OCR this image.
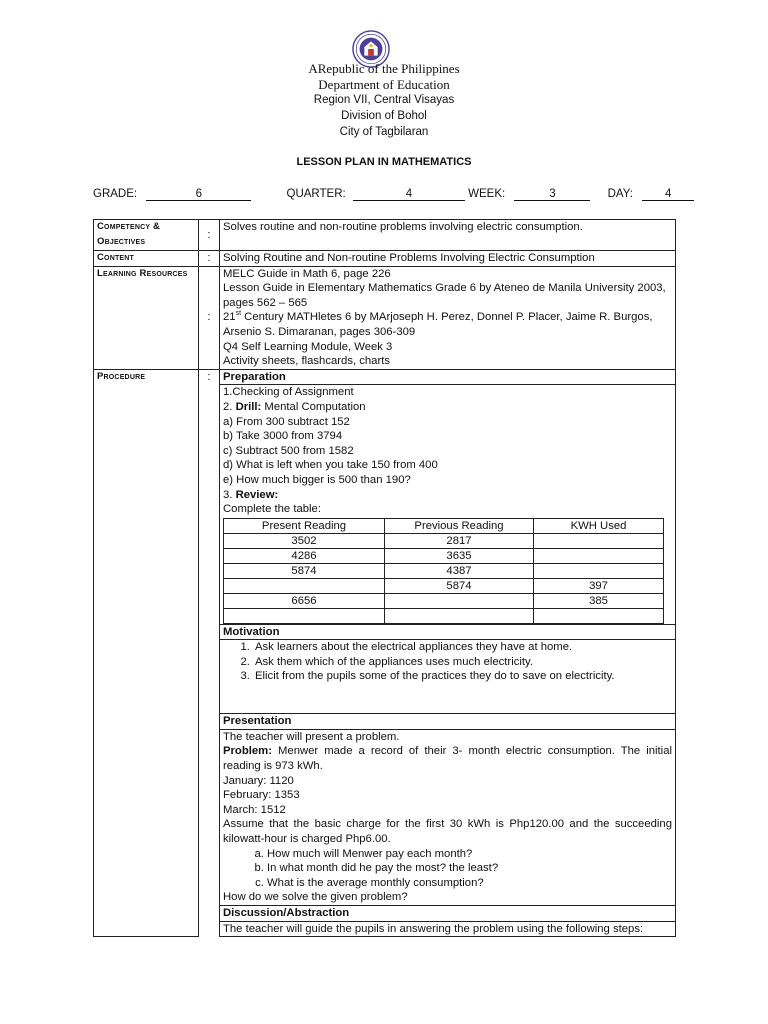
ARepublic of the Philippines
Department of Education
Region VII, Central Visayas
Division of Bohol
City of Tagbilaran
LESSON PLAN IN MATHEMATICS
GRADE:	6	QUARTER:	4	WEEK:	3	DAY:	4
Competency & Objectives	:	Solves routine and non-routine problems involving electric consumption.
Content	:	Solving Routine and Non-routine Problems Involving Electric Consumption
Learning Resources	:	
MELC Guide in Math 6, page 226
Lesson Guide in Elementary Mathematics Grade 6 by Ateneo de Manila University 2003, pages 562 – 565
21st Century MATHletes 6 by MArjoseph H. Perez, Donnel P. Placer, Jaime R. Burgos, Arsenio S. Dimaranan, pages 306-309
Q4 Self Learning Module, Week 3
Activity sheets, flashcards, charts

Procedure	:	Preparation

1.Checking of Assignment
2. Drill: Mental Computation
a) From 300 subtract 152
b) Take 3000 from 3794
c) Subtract 500 from 1582
d) What is left when you take 150 from 400
e) How much bigger is 500 than 190?
3. Review:
Complete the table:
Present Reading	Previous Reading	KWH Used
3502	2817	
4286	3635	
5874	4387	
	5874	397
6656		385

Motivation

1. Ask learners about the electrical appliances they have at home.
2. Ask them which of the appliances uses much electricity.
3. Elicit from the pupils some of the practices they do to save on electricity.

Presentation

The teacher will present a problem.
Problem: Menwer made a record of their 3- month electric consumption. The initial reading is 973 kWh.
January: 1120
February: 1353
March: 1512
Assume that the basic charge for the first 30 kWh is Php120.00 and the succeeding kilowatt-hour is charged Php6.00.
a. How much will Menwer pay each month?
b. In what month did he pay the most? the least?
c. What is the average monthly consumption?
How do we solve the given problem?

Discussion/Abstraction
The teacher will guide the pupils in answering the problem using the following steps:
